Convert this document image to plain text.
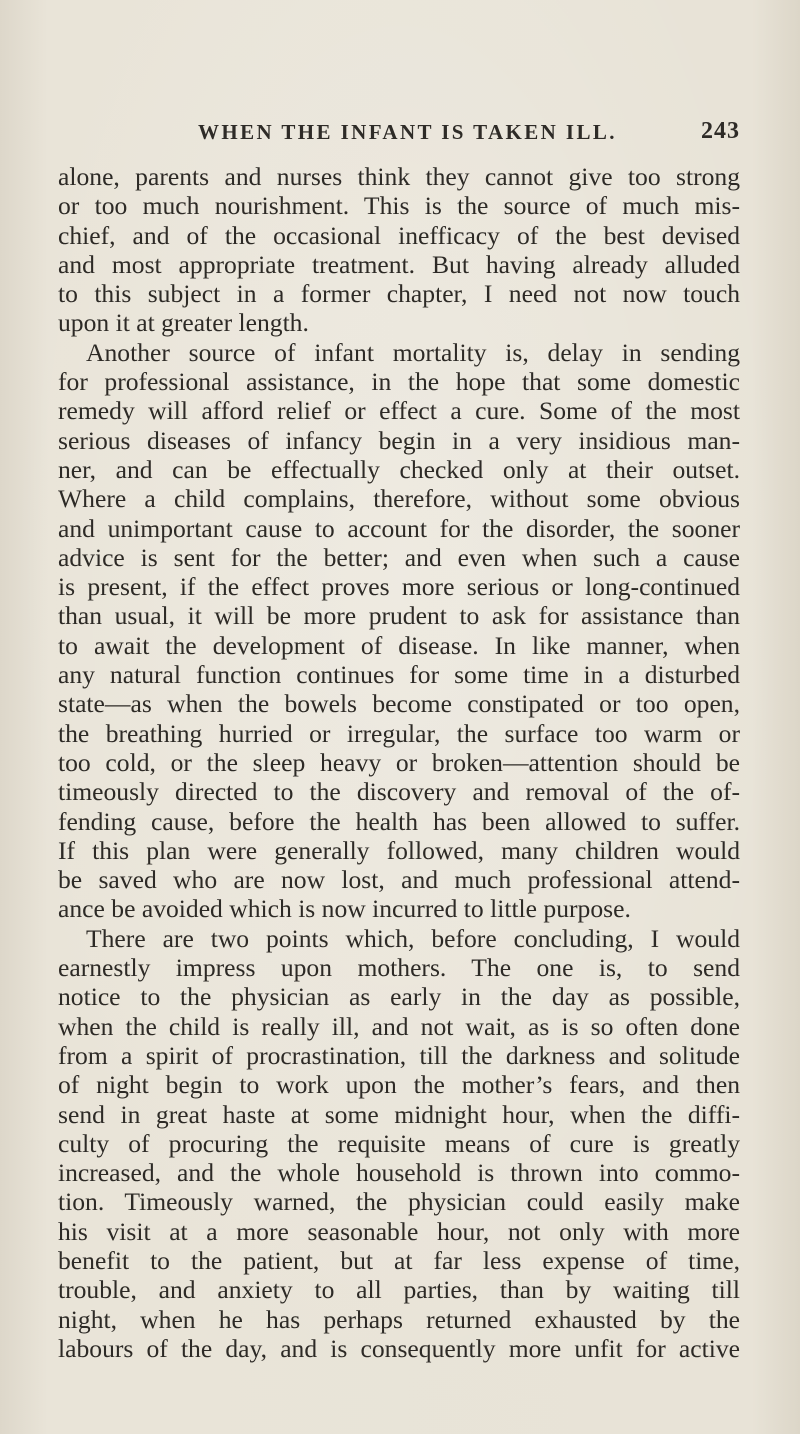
WHEN THE INFANT IS TAKEN ILL.	243
alone, parents and nurses think they cannot give too strong
or too much nourishment. This is the source of much mis-
chief, and of the occasional inefficacy of the best devised
and most appropriate treatment. But having already alluded
to this subject in a former chapter, I need not now touch
upon it at greater length.
Another source of infant mortality is, delay in sending
for professional assistance, in the hope that some domestic
remedy will afford relief or effect a cure. Some of the most
serious diseases of infancy begin in a very insidious man-
ner, and can be effectually checked only at their outset.
Where a child complains, therefore, without some obvious
and unimportant cause to account for the disorder, the sooner
advice is sent for the better; and even when such a cause
is present, if the effect proves more serious or long-continued
than usual, it will be more prudent to ask for assistance than
to await the development of disease. In like manner, when
any natural function continues for some time in a disturbed
state—as when the bowels become constipated or too open,
the breathing hurried or irregular, the surface too warm or
too cold, or the sleep heavy or broken—attention should be
timeously directed to the discovery and removal of the of-
fending cause, before the health has been allowed to suffer.
If this plan were generally followed, many children would
be saved who are now lost, and much professional attend-
ance be avoided which is now incurred to little purpose.
There are two points which, before concluding, I would
earnestly impress upon mothers. The one is, to send
notice to the physician as early in the day as possible,
when the child is really ill, and not wait, as is so often done
from a spirit of procrastination, till the darkness and solitude
of night begin to work upon the mother’s fears, and then
send in great haste at some midnight hour, when the diffi-
culty of procuring the requisite means of cure is greatly
increased, and the whole household is thrown into commo-
tion. Timeously warned, the physician could easily make
his visit at a more seasonable hour, not only with more
benefit to the patient, but at far less expense of time,
trouble, and anxiety to all parties, than by waiting till
night, when he has perhaps returned exhausted by the
labours of the day, and is consequently more unfit for active
